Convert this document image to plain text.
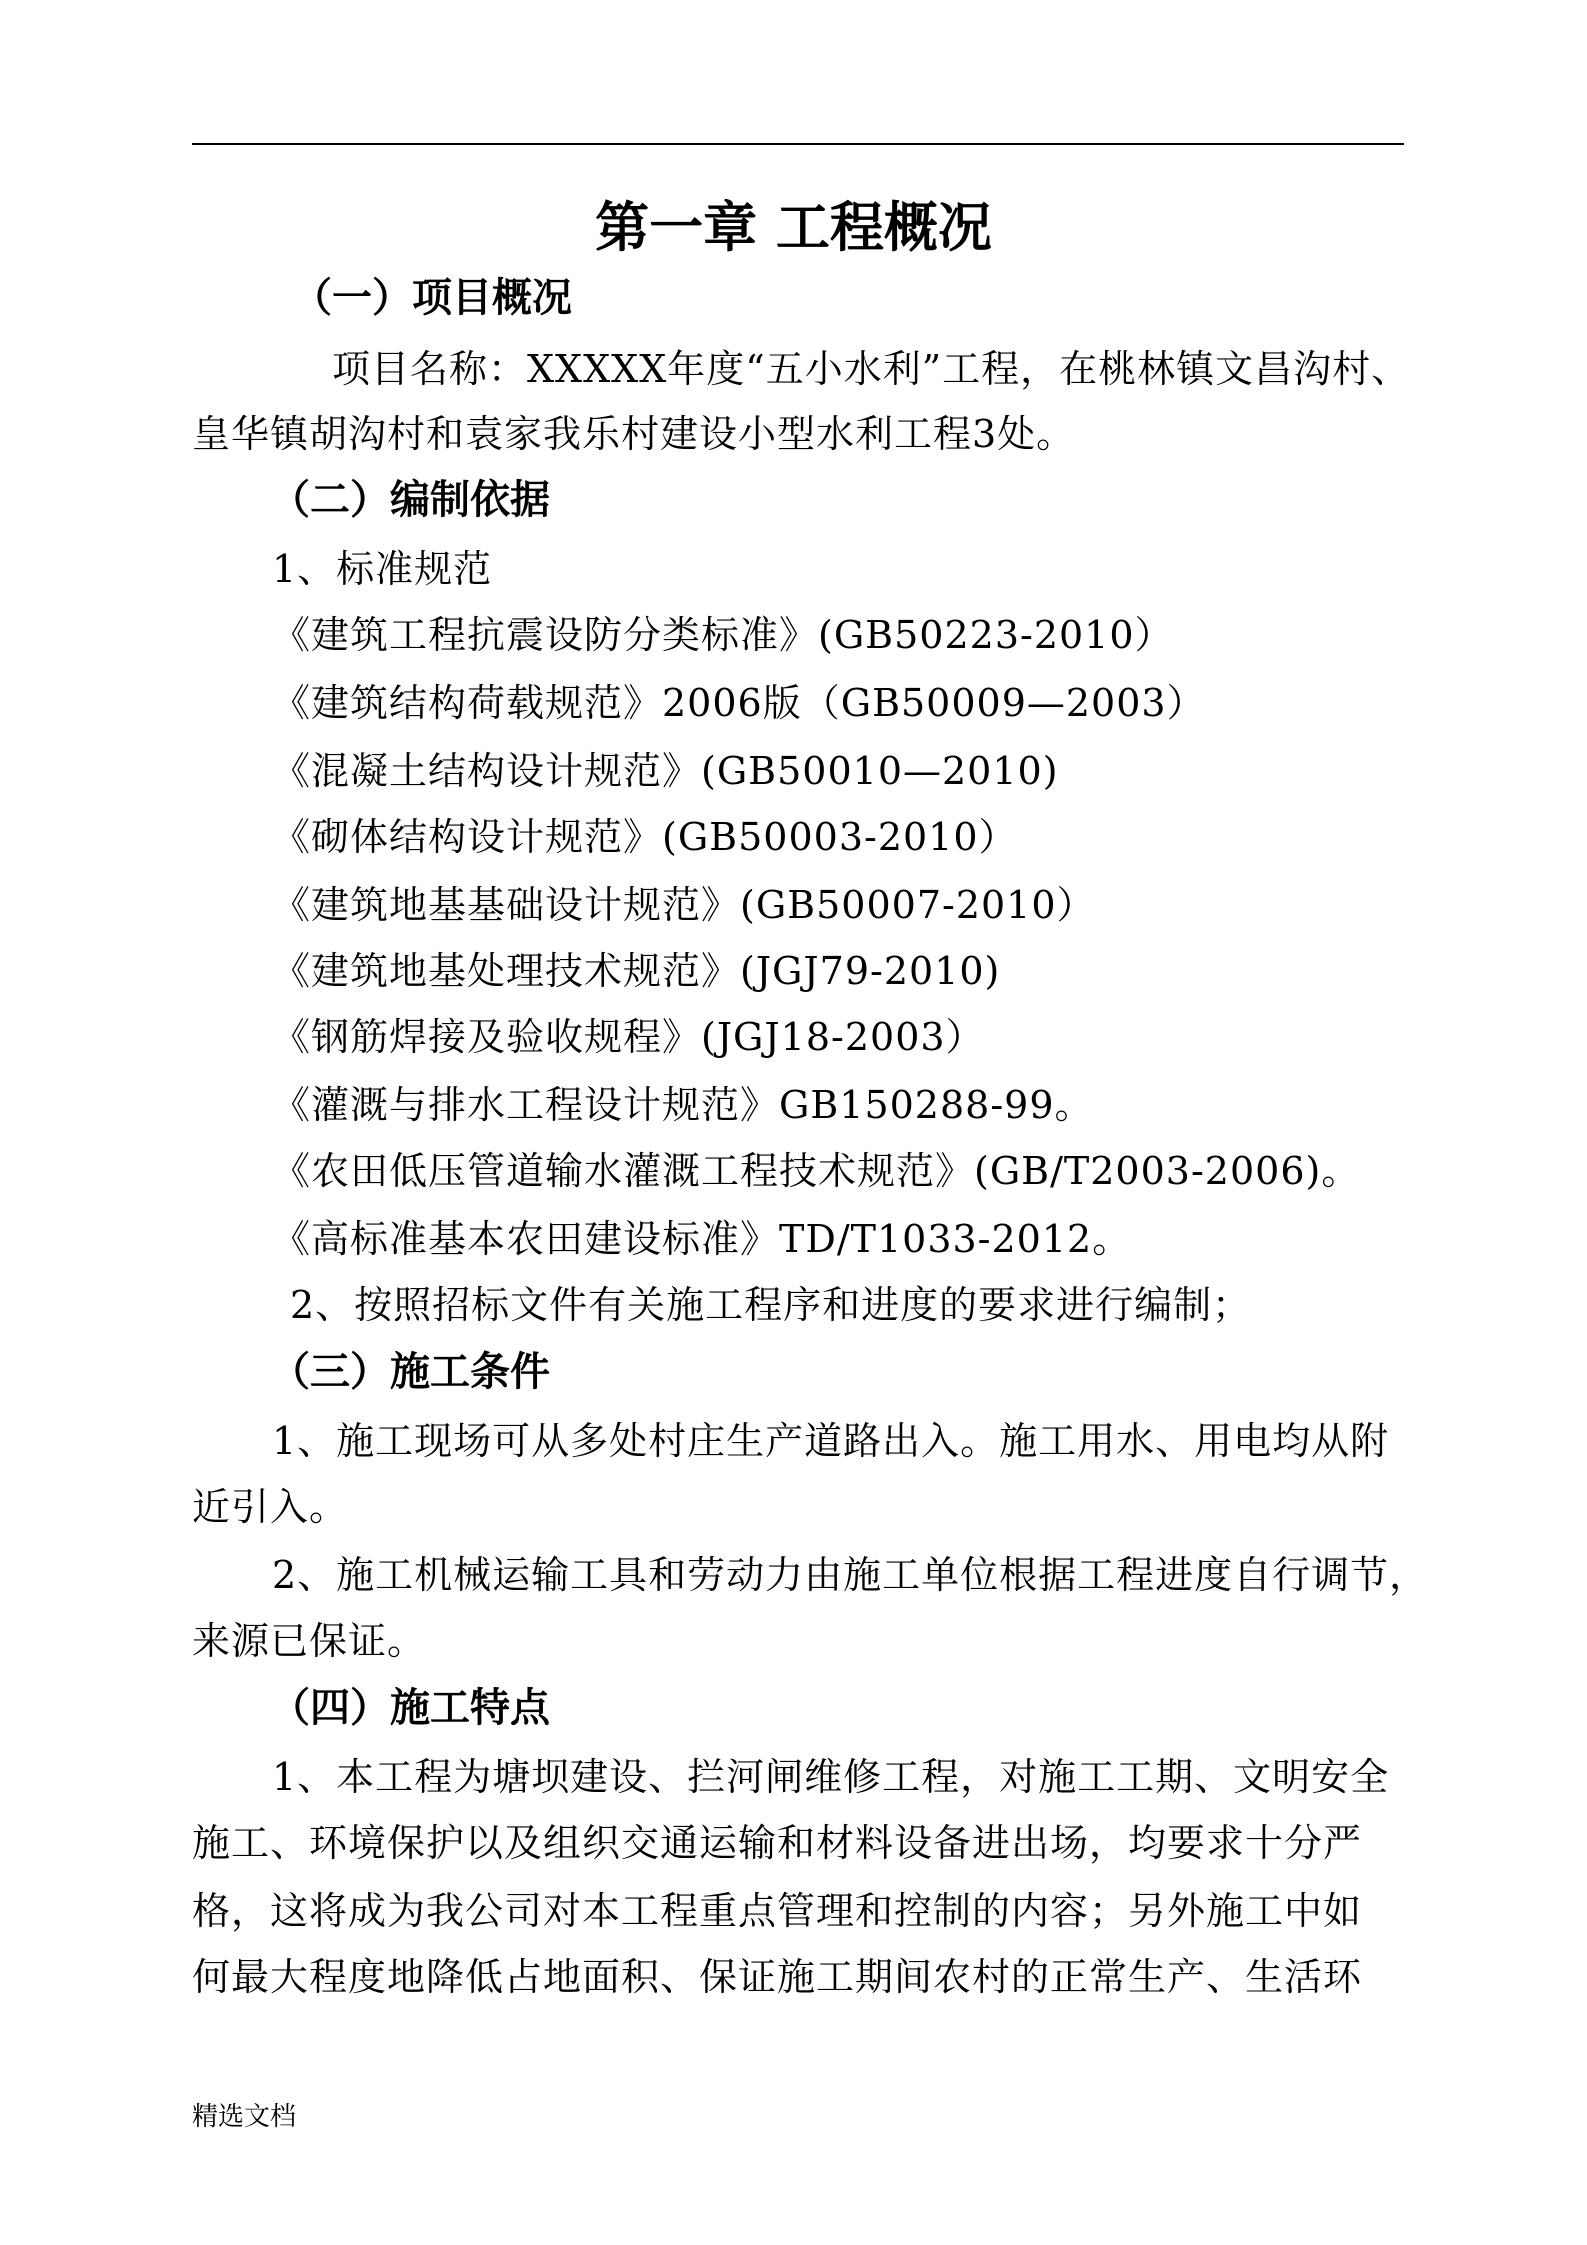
第一章 工程概况
（一）项目概况
项目名称：XXXXX年度“五小水利”工程，在桃林镇文昌沟村、
皇华镇胡沟村和袁家我乐村建设小型水利工程3处。
（二）编制依据
1、标准规范
《建筑工程抗震设防分类标准》(GB50223-2010）
《建筑结构荷载规范》2006版（GB50009—2003）
《混凝土结构设计规范》(GB50010—2010)
《砌体结构设计规范》(GB50003-2010）
《建筑地基基础设计规范》(GB50007-2010）
《建筑地基处理技术规范》(JGJ79-2010)
《钢筋焊接及验收规程》(JGJ18-2003）
《灌溉与排水工程设计规范》GB150288-99。
《农田低压管道输水灌溉工程技术规范》(GB/T2003-2006)。
《高标准基本农田建设标准》TD/T1033-2012。
2、按照招标文件有关施工程序和进度的要求进行编制；
（三）施工条件
1、施工现场可从多处村庄生产道路出入。施工用水、用电均从附
近引入。
2、施工机械运输工具和劳动力由施工单位根据工程进度自行调节，
来源已保证。
（四）施工特点
1、本工程为塘坝建设、拦河闸维修工程，对施工工期、文明安全
施工、环境保护以及组织交通运输和材料设备进出场，均要求十分严
格，这将成为我公司对本工程重点管理和控制的内容；另外施工中如
何最大程度地降低占地面积、保证施工期间农村的正常生产、生活环
精选文档
